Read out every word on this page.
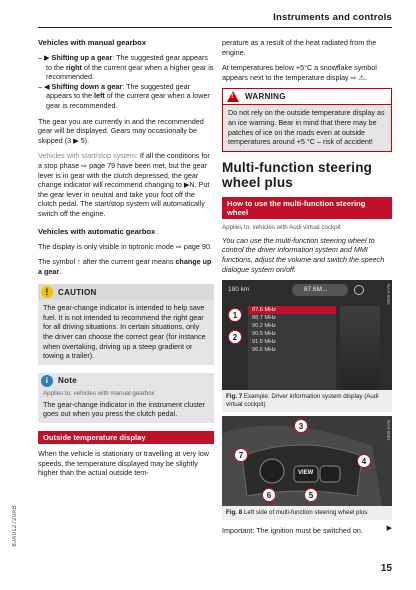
Instruments and controls
Vehicles with manual gearbox
– ▶ Shifting up a gear: The suggested gear appears to the right of the current gear when a higher gear is recommended.
– ◀ Shifting down a gear: The suggested gear appears to the left of the current gear when a lower gear is recommended.

The gear you are currently in and the recommended gear will be displayed. Gears may occasionally be skipped (3 ▶ 5).

Vehicles with start/stop system: If all the conditions for a stop phase ⇨ page 79 have been met, but the gear lever is in gear with the clutch depressed, the gear change indicator will recommend changing to ▶N. Put the gear lever in neutral and take your foot off the clutch pedal. The start/stop system will automatically switch off the engine.

Vehicles with automatic gearbox

The display is only visible in tiptronic mode ⇨ page 90.

The symbol ↑ after the current gear means change up a gear.

!	CAUTION

The gear-change indicator is intended to help save fuel. It is not intended to recommend the right gear for all driving situations. In certain situations, only the driver can choose the correct gear (for instance when overtaking, driving up a steep gradient or towing a trailer).

i	Note
Applies to: vehicles with manual gearbox

The gear-change indicator in the instrument cluster goes out when you press the clutch pedal.

Outside temperature display

When the vehicle is stationary or travelling at very low speeds, the temperature displayed may be slightly higher than the actual outside tem-

perature as a result of the heat radiated from the engine.

At temperatures below +5°C a snowflake symbol appears next to the temperature display ⇨ ⚠.

! WARNING

Do not rely on the outside temperature display as an ice warning. Bear in mind that there may be patches of ice on the roads even at outside temperatures around +5 °C – risk of accident!

Multi-function steering wheel plus
How to use the multi-function steering wheel
Applies to: vehicles with Audi virtual cockpit

You can use the multi-function steering wheel to control the driver information system and MMI functions, adjust the volume and switch the speech dialogue system on/off.

180 km	87.6M...
87.6 MHz
88.7 MHz
90.2 MHz
90.5 MHz
91.5 MHz
96.6 MHz
1
2
RAX-0002
Fig. 7 Example: Driver information system display (Audi virtual cockpit)
VIEW
3
7
4
6	5
RAX-0001
Fig. 8 Left side of multi-function steering wheel plus

Important: The ignition must be switched on.	▶
8JA012720AB
15
